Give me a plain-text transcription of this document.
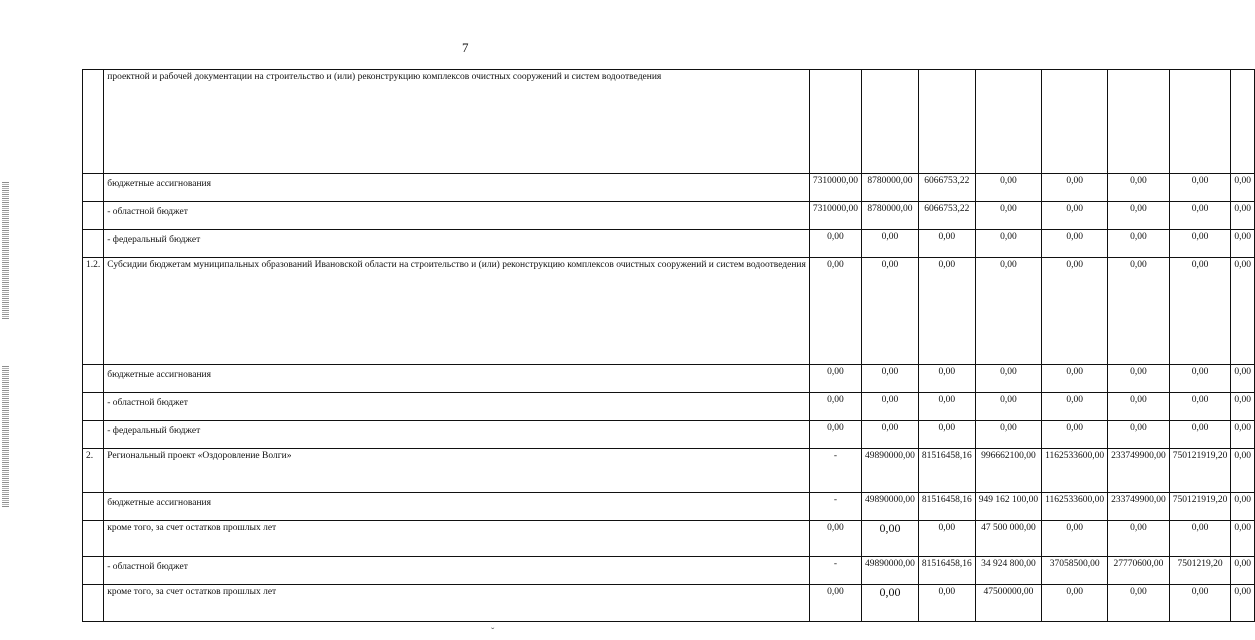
7
ˇ
	проектной и рабочей документации на строительство и (или) реконструкцию комплексов очистных сооружений и систем водоотведения								
	бюджетные ассигнования	7310000,00	8780000,00	6066753,22	0,00	0,00	0,00	0,00	0,00
	- областной бюджет	7310000,00	8780000,00	6066753,22	0,00	0,00	0,00	0,00	0,00
	- федеральный бюджет	0,00	0,00	0,00	0,00	0,00	0,00	0,00	0,00
1.2.	Субсидии бюджетам муниципальных образований Ивановской области на строительство и (или) реконструкцию комплексов очистных сооружений и систем водоотведения	0,00	0,00	0,00	0,00	0,00	0,00	0,00	0,00
	бюджетные ассигнования	0,00	0,00	0,00	0,00	0,00	0,00	0,00	0,00
	- областной бюджет	0,00	0,00	0,00	0,00	0,00	0,00	0,00	0,00
	- федеральный бюджет	0,00	0,00	0,00	0,00	0,00	0,00	0,00	0,00
2.	Региональный проект «Оздоровление Волги»	-	49890000,00	81516458,16	996662100,00	1162533600,00	233749900,00	750121919,20	0,00
	бюджетные ассигнования	-	49890000,00	81516458,16	949 162 100,00	1162533600,00	233749900,00	750121919,20	0,00
	кроме того, за счет остатков прошлых лет	0,00	0,00	0,00	47 500 000,00	0,00	0,00	0,00	0,00
	- областной бюджет	-	49890000,00	81516458,16	34 924 800,00	37058500,00	27770600,00	7501219,20	0,00
	кроме того, за счет остатков прошлых лет	0,00	0,00	0,00	47500000,00	0,00	0,00	0,00	0,00
